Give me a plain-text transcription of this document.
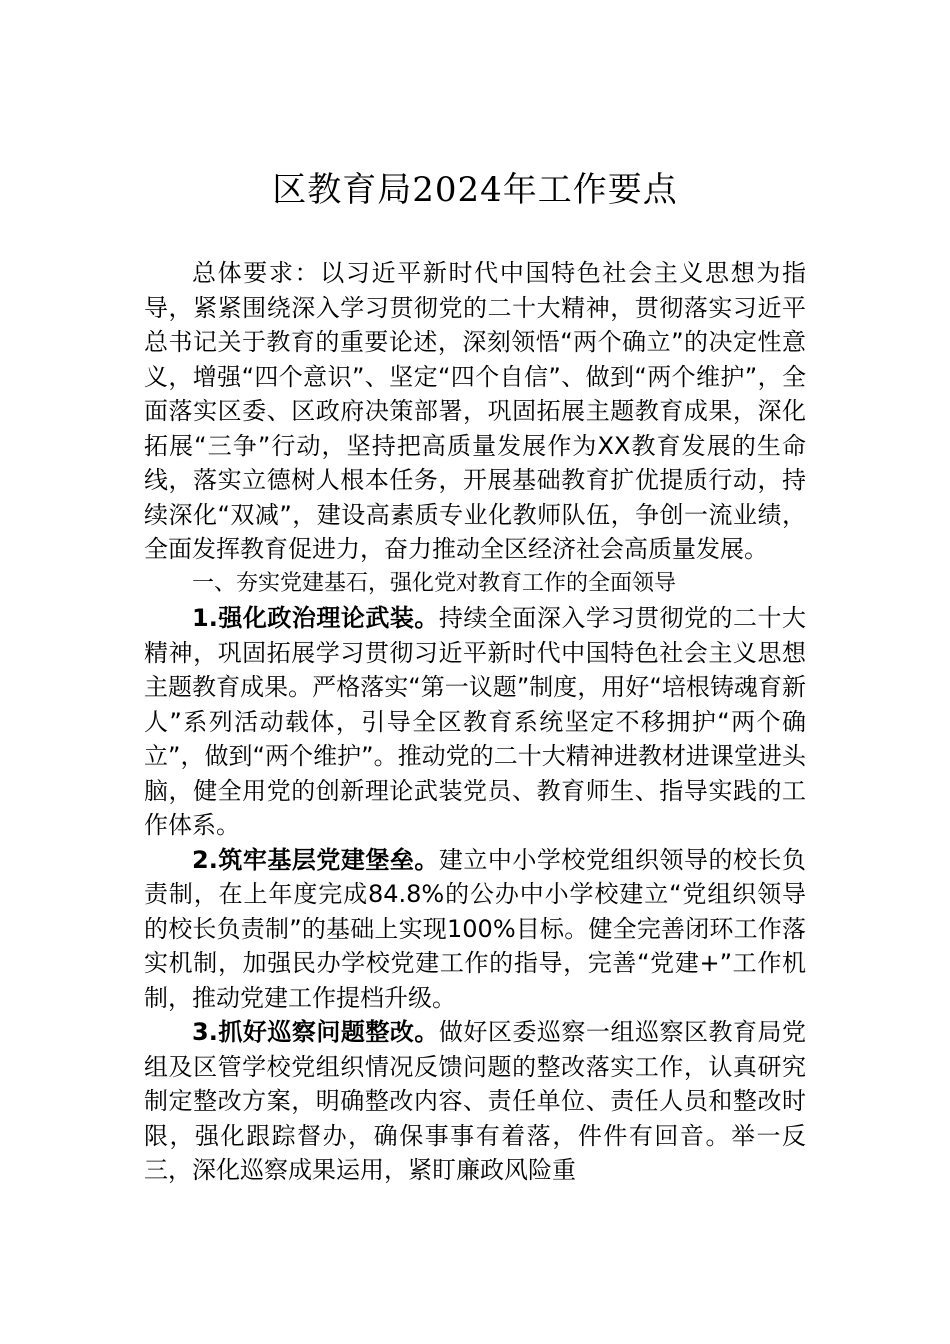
区教育局2024年工作要点

总体要求：以习近平新时代中国特色社会主义思想为指导，紧紧围绕深入学习贯彻党的二十大精神，贯彻落实习近平总书记关于教育的重要论述，深刻领悟“两个确立”的决定性意义，增强“四个意识”、坚定“四个自信”、做到“两个维护”，全面落实区委、区政府决策部署，巩固拓展主题教育成果，深化拓展“三争”行动，坚持把高质量发展作为XX教育发展的生命线，落实立德树人根本任务，开展基础教育扩优提质行动，持续深化“双减”，建设高素质专业化教师队伍，争创一流业绩，全面发挥教育促进力，奋力推动全区经济社会高质量发展。

一、夯实党建基石，强化党对教育工作的全面领导

1.强化政治理论武装。持续全面深入学习贯彻党的二十大精神，巩固拓展学习贯彻习近平新时代中国特色社会主义思想主题教育成果。严格落实“第一议题”制度，用好“培根铸魂育新人”系列活动载体，引导全区教育系统坚定不移拥护“两个确立”，做到“两个维护”。推动党的二十大精神进教材进课堂进头脑，健全用党的创新理论武装党员、教育师生、指导实践的工作体系。

2.筑牢基层党建堡垒。建立中小学校党组织领导的校长负责制，在上年度完成84.8%的公办中小学校建立“党组织领导的校长负责制”的基础上实现100%目标。健全完善闭环工作落实机制，加强民办学校党建工作的指导，完善“党建+”工作机制，推动党建工作提档升级。

3.抓好巡察问题整改。做好区委巡察一组巡察区教育局党组及区管学校党组织情况反馈问题的整改落实工作，认真研究制定整改方案，明确整改内容、责任单位、责任人员和整改时限，强化跟踪督办，确保事事有着落，件件有回音。举一反三，深化巡察成果运用，紧盯廉政风险重
